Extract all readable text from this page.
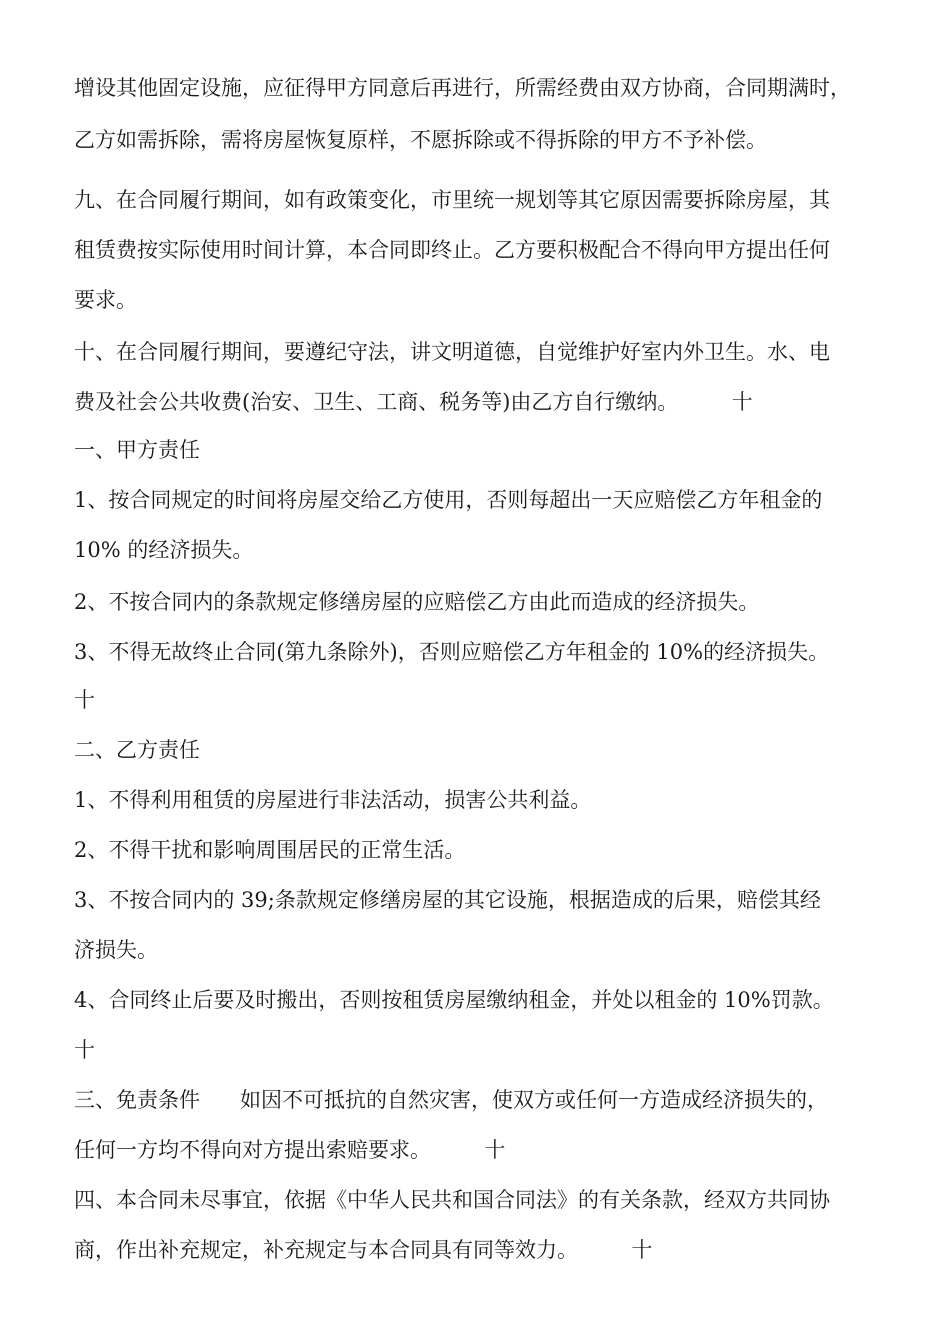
增设其他固定设施，应征得甲方同意后再进行，所需经费由双方协商，合同期满时，
乙方如需拆除，需将房屋恢复原样，不愿拆除或不得拆除的甲方不予补偿。
九、在合同履行期间，如有政策变化，市里统一规划等其它原因需要拆除房屋，其
租赁费按实际使用时间计算，本合同即终止。乙方要积极配合不得向甲方提出任何
要求。
十、在合同履行期间，要遵纪守法，讲文明道德，自觉维护好室内外卫生。水、电
费及社会公共收费(治安、卫生、工商、税务等)由乙方自行缴纳。        十
一、甲方责任
1、按合同规定的时间将房屋交给乙方使用，否则每超出一天应赔偿乙方年租金的
10% 的经济损失。
2、不按合同内的条款规定修缮房屋的应赔偿乙方由此而造成的经济损失。
3、不得无故终止合同(第九条除外)，否则应赔偿乙方年租金的 10%的经济损失。
十
二、乙方责任
1、不得利用租赁的房屋进行非法活动，损害公共利益。
2、不得干扰和影响周围居民的正常生活。
3、不按合同内的 39;条款规定修缮房屋的其它设施，根据造成的后果，赔偿其经
济损失。
4、合同终止后要及时搬出，否则按租赁房屋缴纳租金，并处以租金的 10%罚款。
十
三、免责条件      如因不可抵抗的自然灾害，使双方或任何一方造成经济损失的，
任何一方均不得向对方提出索赔要求。        十
四、本合同未尽事宜，依据《中华人民共和国合同法》的有关条款，经双方共同协
商，作出补充规定，补充规定与本合同具有同等效力。        十
